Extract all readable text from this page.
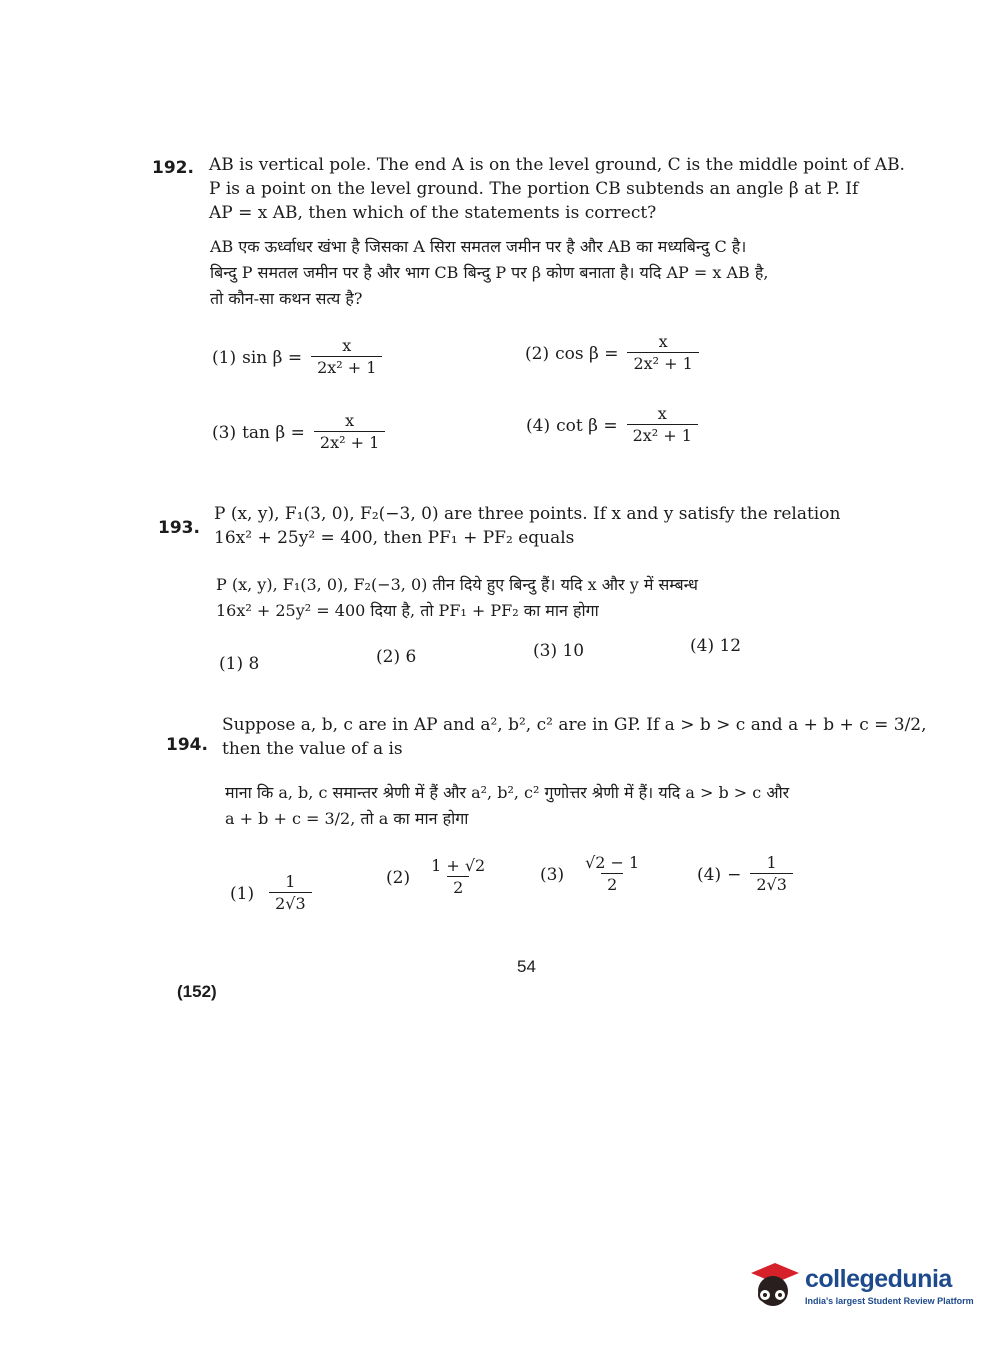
192. AB is vertical pole. The end A is on the level ground, C is the middle point of AB.
P is a point on the level ground. The portion CB subtends an angle β at P. If
AP = x AB, then which of the statements is correct?
AB एक ऊर्ध्वाधर खंभा है जिसका A सिरा समतल जमीन पर है और AB का मध्यबिन्दु C है।
बिन्दु P समतल जमीन पर है और भाग CB बिन्दु P पर β कोण बनाता है। यदि AP = x AB है,
तो कौन-सा कथन सत्य है?
(1) $\sin \beta = \frac{x}{\text{2x² + 1}}$	(2) $\cos \beta = \frac{x}{\text{2x² + 1}}$
(3) $\tan \beta = \frac{x}{\text{2x² + 1}}$	(4) $\cot \beta = \frac{x}{\text{2x² + 1}}$
193.
P (x, y), F₁(3, 0), F₂(−3, 0) are three points. If x and y satisfy the relation
16x² + 25y² = 400, then PF₁ + PF₂ equals
P (x, y), F₁(3, 0), F₂(−3, 0) तीन दिये हुए बिन्दु हैं। यदि x और y में सम्बन्ध
16x² + 25y² = 400 दिया है, तो PF₁ + PF₂ का मान होगा
(1) 8	(2) 6	(3) 10	(4) 12
194.
Suppose a, b, c are in AP and a², b², c² are in GP. If a > b > c and a + b + c = 3/2,
then the value of a is
माना कि a, b, c समान्तर श्रेणी में हैं और a², b², c² गुणोत्तर श्रेणी में हैं। यदि a > b > c और
a + b + c = 3/2, तो a का मान होगा
$(1) \frac{1}{2√3}$	$(2) \frac{1 + √2}{2}$	$(3) \frac{√2 - 1}{2}$	$(4) - \frac{1}{2√3}$
54
(152)
collegedunia
India's largest Student Review Platform
